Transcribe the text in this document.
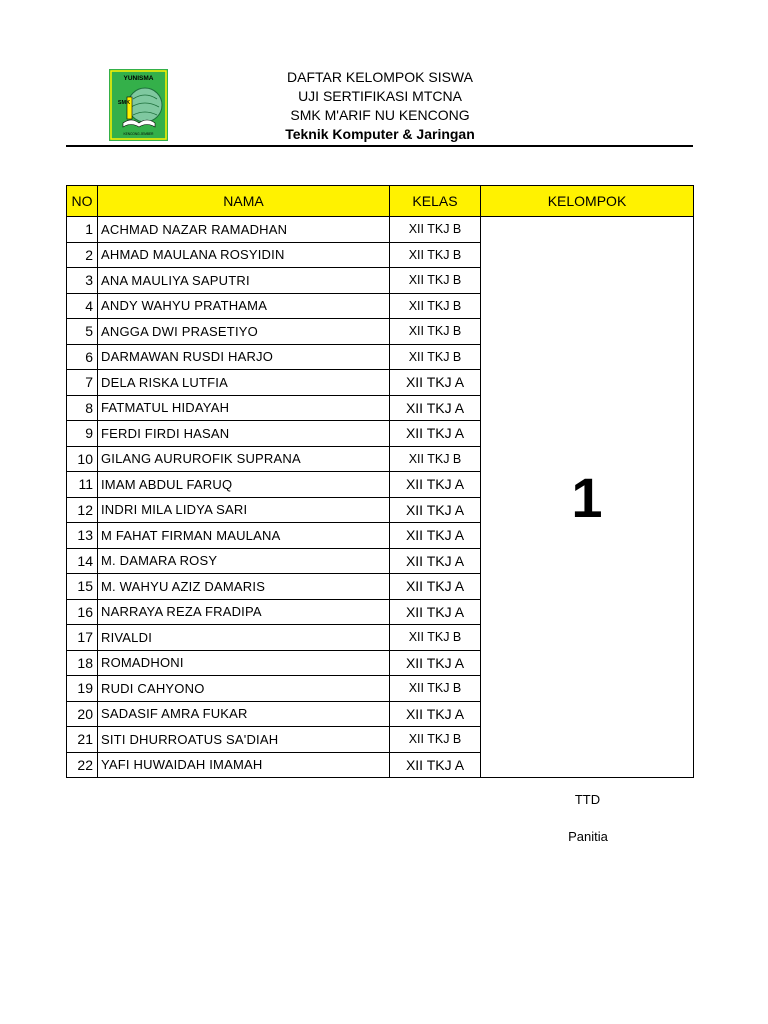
YUNISMA
SMK
KENCONG JEMBER
DAFTAR KELOMPOK SISWA
UJI SERTIFIKASI MTCNA
SMK M'ARIF NU KENCONG
Teknik Komputer & Jaringan
NO	NAMA	KELAS	KELOMPOK
1	ACHMAD NAZAR RAMADHAN	XII TKJ B	1
2	AHMAD MAULANA ROSYIDIN	XII TKJ B	
3	ANA MAULIYA SAPUTRI	XII TKJ B	
4	ANDY WAHYU PRATHAMA	XII TKJ B	
5	ANGGA DWI PRASETIYO	XII TKJ B	
6	DARMAWAN RUSDI HARJO	XII TKJ B	
7	DELA RISKA LUTFIA	XII TKJ A	
8	FATMATUL HIDAYAH	XII TKJ A	
9	FERDI FIRDI HASAN	XII TKJ A	
10	GILANG AURUROFIK SUPRANA	XII TKJ B	
11	IMAM ABDUL FARUQ	XII TKJ A	
12	INDRI MILA LIDYA SARI	XII TKJ A	
13	M FAHAT FIRMAN MAULANA	XII TKJ A	
14	M. DAMARA ROSY	XII TKJ A	
15	M. WAHYU AZIZ DAMARIS	XII TKJ A	
16	NARRAYA REZA FRADIPA	XII TKJ A	
17	RIVALDI	XII TKJ B	
18	ROMADHONI	XII TKJ A	
19	RUDI CAHYONO	XII TKJ B	
20	SADASIF AMRA FUKAR	XII TKJ A	
21	SITI DHURROATUS SA'DIAH	XII TKJ B	
22	YAFI HUWAIDAH IMAMAH	XII TKJ A	
TTD
Panitia
